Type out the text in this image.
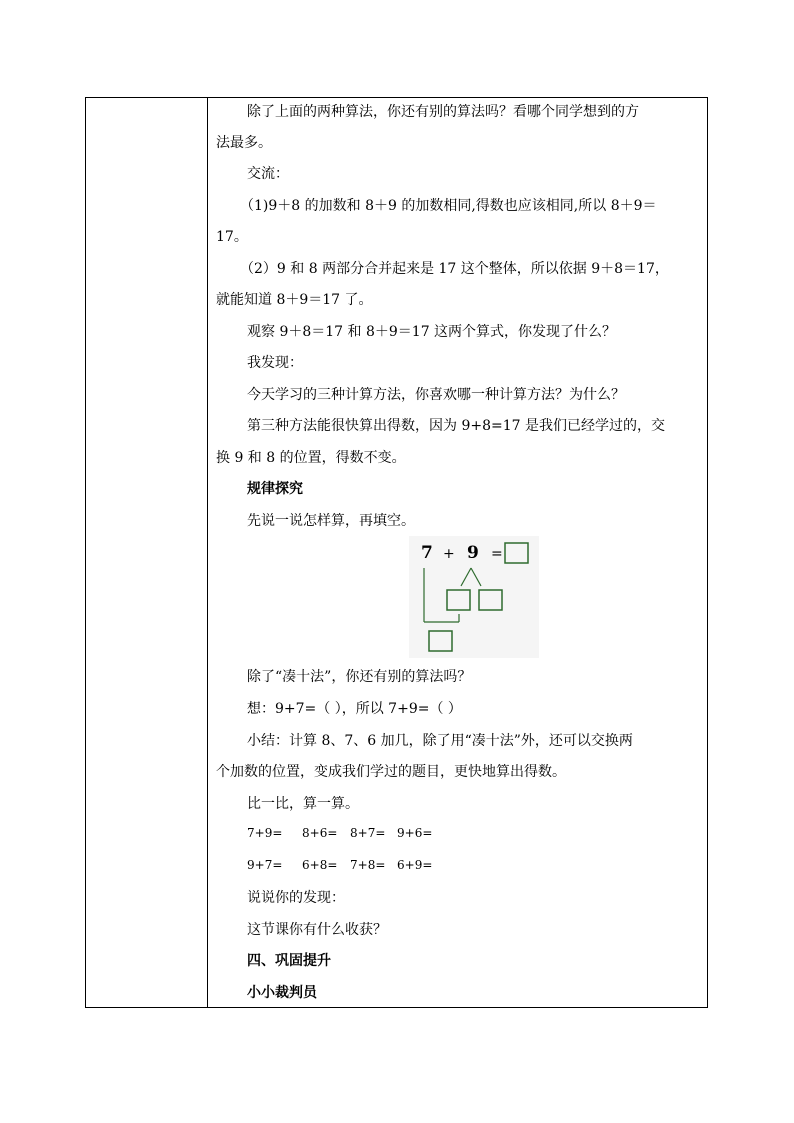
除了上面的两种算法，你还有别的算法吗？看哪个同学想到的方
法最多。
交流：
（1)9＋8 的加数和 8＋9 的加数相同,得数也应该相同,所以 8＋9＝
17。
（2）9 和 8 两部分合并起来是 17 这个整体，所以依据 9＋8＝17，
就能知道 8＋9＝17 了。
观察 9＋8＝17 和 8＋9＝17 这两个算式，你发现了什么？
我发现：
今天学习的三种计算方法，你喜欢哪一种计算方法？为什么？
第三种方法能很快算出得数，因为 9+8=17 是我们已经学过的，交
换 9 和 8 的位置，得数不变。
规律探究
先说一说怎样算，再填空。
7 + 9 =
除了“凑十法”，你还有别的算法吗？
想：9+7=（ ），所以 7+9=（ ）
小结：计算 8、7、6 加几，除了用“凑十法”外，还可以交换两
个加数的位置，变成我们学过的题目，更快地算出得数。
比一比，算一算。
7+9= 8+6= 8+7= 9+6=
9+7= 6+8= 7+8= 6+9=
说说你的发现：
这节课你有什么收获？
四、巩固提升
小小裁判员
